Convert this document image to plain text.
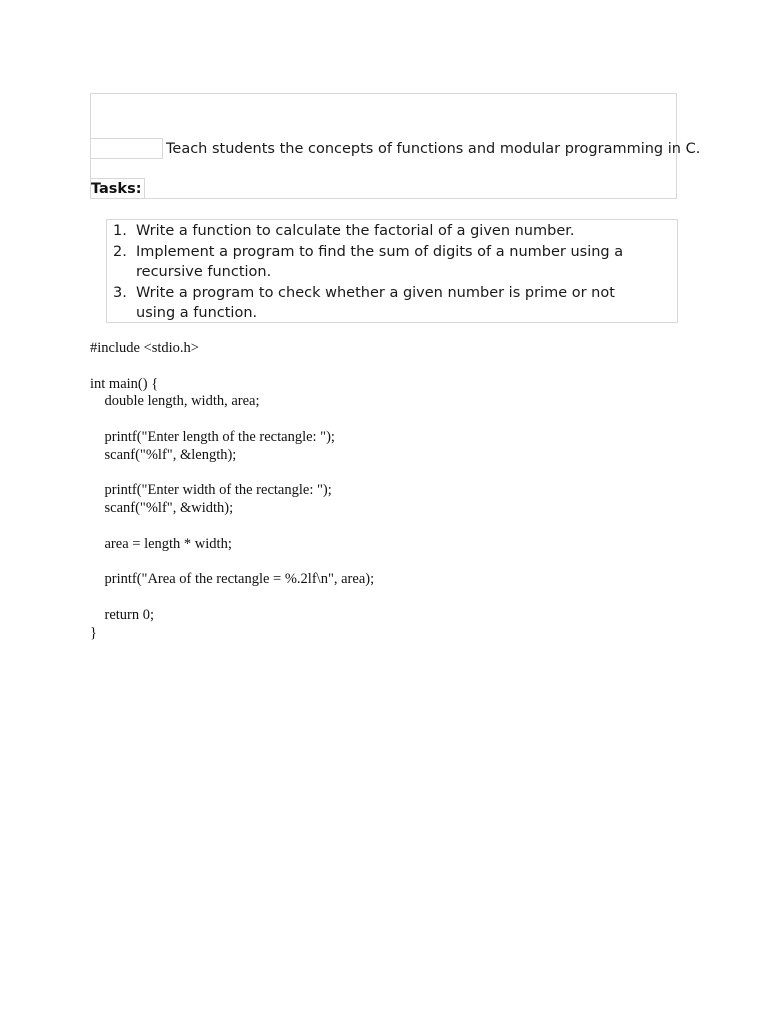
Teach students the concepts of functions and modular programming in C.
Tasks:
1. Write a function to calculate the factorial of a given number.
2. Implement a program to find the sum of digits of a number using a recursive function.
3. Write a program to check whether a given number is prime or not using a function.
#include <stdio.h>
int main() {
double length, width, area;
printf("Enter length of the rectangle: ");
scanf("%lf", &length);
printf("Enter width of the rectangle: ");
scanf("%lf", &width);
area = length * width;
printf("Area of the rectangle = %.2lf\n", area);
return 0;
}
